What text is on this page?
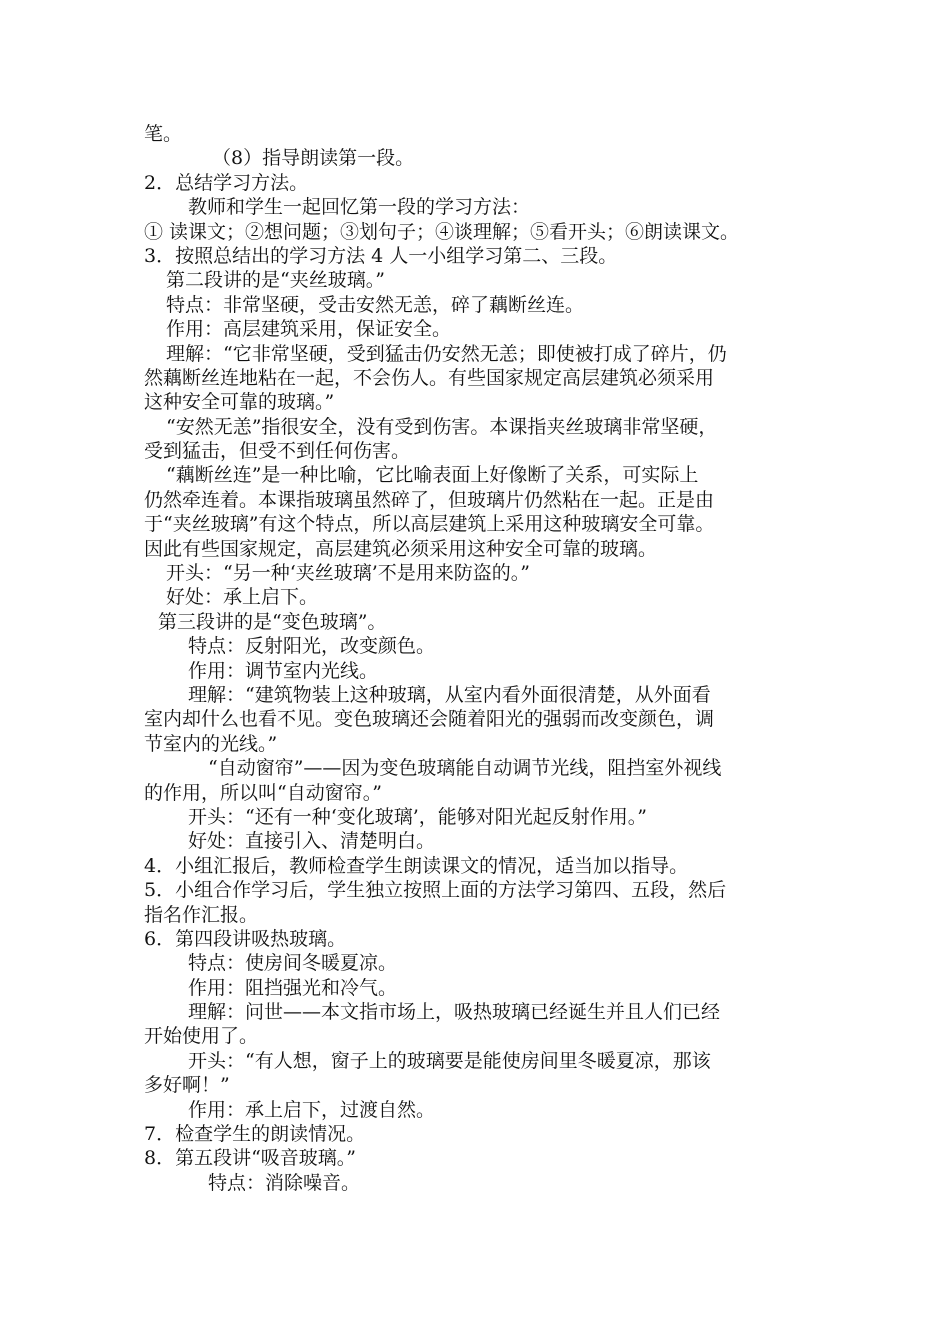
笔。
（8）指导朗读第一段。
2．总结学习方法。
教师和学生一起回忆第一段的学习方法：
① 读课文；②想问题；③划句子；④谈理解；⑤看开头；⑥朗读课文。
3．按照总结出的学习方法 4 人一小组学习第二、三段。
第二段讲的是“夹丝玻璃。”
特点：非常坚硬，受击安然无恙，碎了藕断丝连。
作用：高层建筑采用，保证安全。
理解：“它非常坚硬，受到猛击仍安然无恙；即使被打成了碎片，仍
然藕断丝连地粘在一起，不会伤人。有些国家规定高层建筑必须采用
这种安全可靠的玻璃。”
“安然无恙”指很安全，没有受到伤害。本课指夹丝玻璃非常坚硬，
受到猛击，但受不到任何伤害。
“藕断丝连”是一种比喻，它比喻表面上好像断了关系，可实际上
仍然牵连着。本课指玻璃虽然碎了，但玻璃片仍然粘在一起。正是由
于“夹丝玻璃”有这个特点，所以高层建筑上采用这种玻璃安全可靠。
因此有些国家规定，高层建筑必须采用这种安全可靠的玻璃。
开头：“另一种‘夹丝玻璃’不是用来防盗的。”
好处：承上启下。
第三段讲的是“变色玻璃”。
特点：反射阳光，改变颜色。
作用：调节室内光线。
理解：“建筑物装上这种玻璃，从室内看外面很清楚，从外面看
室内却什么也看不见。变色玻璃还会随着阳光的强弱而改变颜色，调
节室内的光线。”
“自动窗帘”——因为变色玻璃能自动调节光线，阻挡室外视线
的作用，所以叫“自动窗帘。”
开头：“还有一种‘变化玻璃’，能够对阳光起反射作用。”
好处：直接引入、清楚明白。
4．小组汇报后，教师检查学生朗读课文的情况，适当加以指导。
5．小组合作学习后，学生独立按照上面的方法学习第四、五段，然后
指名作汇报。
6．第四段讲吸热玻璃。
特点：使房间冬暖夏凉。
作用：阻挡强光和冷气。
理解：问世——本文指市场上，吸热玻璃已经诞生并且人们已经
开始使用了。
开头：“有人想，窗子上的玻璃要是能使房间里冬暖夏凉，那该
多好啊！”
作用：承上启下，过渡自然。
7．检查学生的朗读情况。
8．第五段讲“吸音玻璃。”
特点：消除噪音。
